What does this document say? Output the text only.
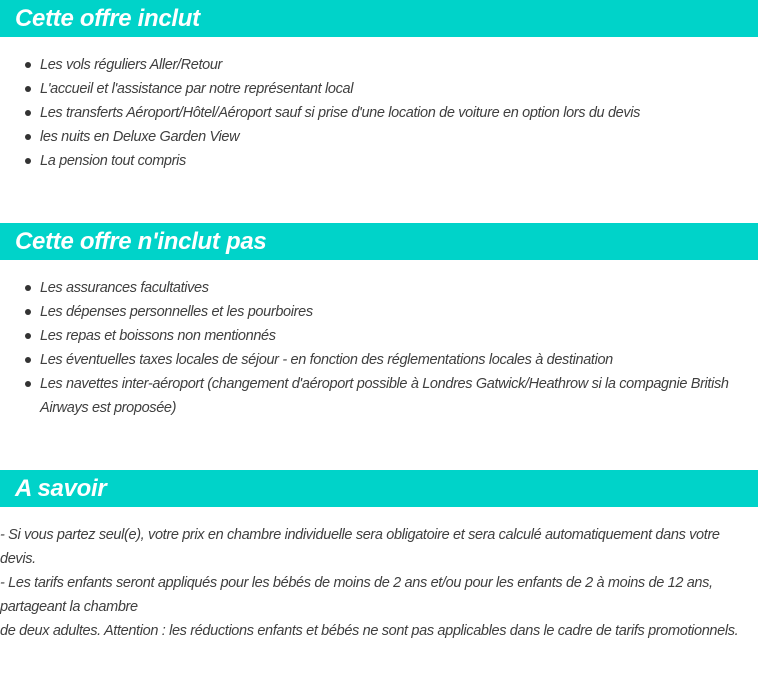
Cette offre inclut
Les vols réguliers Aller/Retour
L'accueil et l'assistance par notre représentant local
Les transferts Aéroport/Hôtel/Aéroport sauf si prise d'une location de voiture en option lors du devis
les nuits en Deluxe Garden View
La pension tout compris
Cette offre n'inclut pas
Les assurances facultatives
Les dépenses personnelles et les pourboires
Les repas et boissons non mentionnés
Les éventuelles taxes locales de séjour - en fonction des réglementations locales à destination
Les navettes inter-aéroport (changement d'aéroport possible à Londres Gatwick/Heathrow si la compagnie British Airways est proposée)
A savoir

- Si vous partez seul(e), votre prix en chambre individuelle sera obligatoire et sera calculé automatiquement dans votre devis.

- Les tarifs enfants seront appliqués pour les bébés de moins de 2 ans et/ou pour les enfants de 2 à moins de 12 ans, partageant la chambre

de deux adultes. Attention : les réductions enfants et bébés ne sont pas applicables dans le cadre de tarifs promotionnels.
